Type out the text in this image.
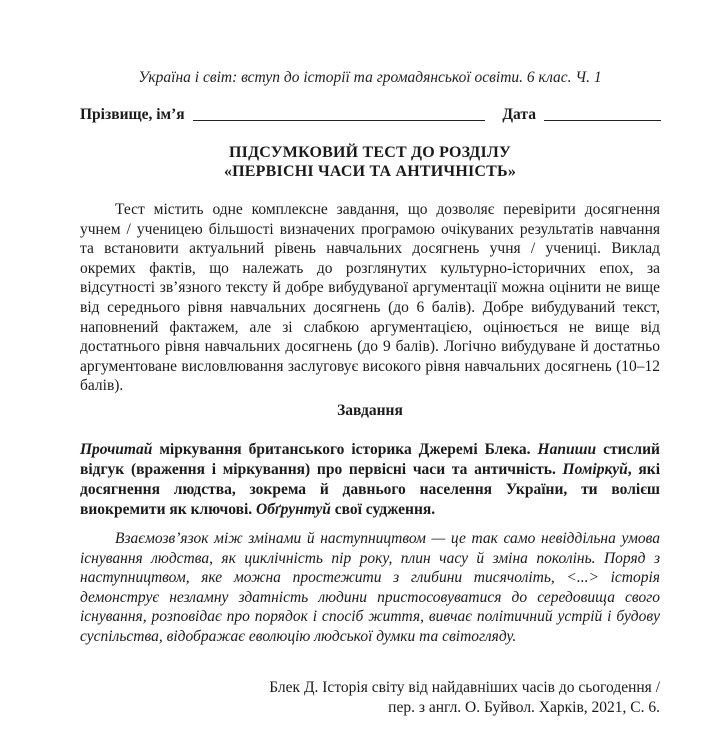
Україна і світ: вступ до історії та громадянської освіти. 6 клас. Ч. 1
Прізвище, ім’я	Дата
ПІДСУМКОВИЙ ТЕСТ ДО РОЗДІЛУ
«ПЕРВІСНІ ЧАСИ ТА АНТИЧНІСТЬ»

Тест містить одне комплексне завдання, що дозволяє перевірити досягнення учнем / ученицею більшості визначених програмою очікуваних результатів навчання та встановити актуальний рівень навчальних досягнень учня / учениці. Виклад окремих фактів, що належать до розглянутих культурно-історичних епох, за відсутності зв’язного тексту й добре вибудуваної аргументації можна оцінити не вище від середнього рівня навчальних досягнень (до 6 балів). Добре вибудуваний текст, наповнений фактажем, але зі слабкою аргументацією, оцінюється не вище від достатнього рівня навчальних досягнень (до 9 балів). Логічно вибудуване й достатньо аргументоване висловлювання заслуговує високого рівня навчальних досягнень (10–12 балів).

Завдання

Прочитай міркування британського історика Джеремі Блека. Напиши стислий відгук (враження і міркування) про первісні часи та античність. Поміркуй, які досягнення людства, зокрема й давнього населення України, ти волієш виокремити як ключові. Обґрунтуй свої судження.

Взаємозв’язок між змінами й наступництвом — це так само невіддільна умова існування людства, як циклічність пір року, плин часу й зміна поколінь. Поряд з наступництвом, яке можна простежити з глибини тисячоліть, <...> історія демонструє незламну здатність людини пристосовуватися до середовища свого існування, розповідає про порядок і спосіб життя, вивчає політичний устрій і будову суспільства, відображає еволюцію людської думки та світогляду.

Блек Д. Історія світу від найдавніших часів до сьогодення /
пер. з англ. О. Буйвол. Харків, 2021, С. 6.
